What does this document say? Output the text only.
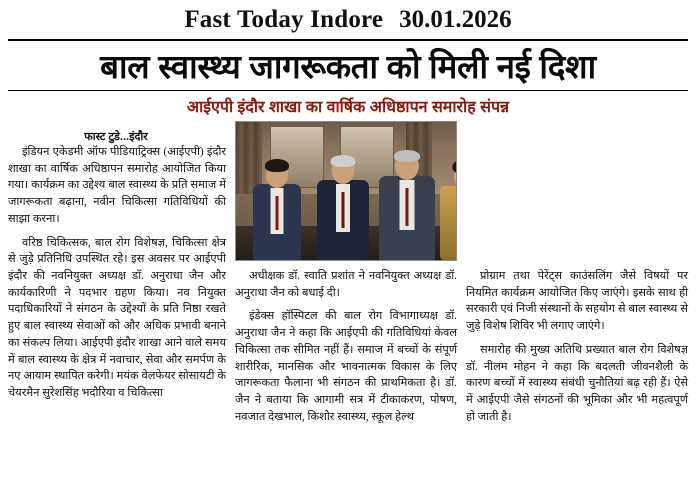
Fast Today Indore 30.01.2026
बाल स्वास्थ्य जागरूकता को मिली नई दिशा
आईएपी इंदौर शाखा का वार्षिक अधिष्ठापन समारोह संपन्न
फास्ट टुडे...इंदौर

इंडियन एकेडमी ऑफ पीडियाट्रिक्स (आईएपी) इंदौर शाखा का वार्षिक अधिष्ठापन समारोह आयोजित किया गया। कार्यक्रम का उद्देश्य बाल स्वास्थ्य के प्रति समाज में जागरूकता बढ़ाना, नवीन चिकित्सा गतिविधियों की साझा करना।

वरिष्ठ चिकित्सक, बाल रोग विशेषज्ञ, चिकित्सा क्षेत्र से जुड़े प्रतिनिधि उपस्थित रहे। इस अवसर पर आईएपी इंदौर की नवनियुक्त अध्यक्ष डॉ. अनुराधा जैन और कार्यकारिणी ने पदभार ग्रहण किया। नव नियुक्त पदाधिकारियों ने संगठन के उद्देश्यों के प्रति निष्ठा रखते हुए बाल स्वास्थ्य सेवाओं को और अधिक प्रभावी बनाने का संकल्प लिया। आईएपी इंदौर शाखा आने वाले समय में बाल स्वास्थ्य के क्षेत्र में नवाचार, सेवा और समर्पण के नए आयाम स्थापित करेगी। मयंक वेलफेयर सोसायटी के चेयरमैन सुरेशसिंह भदौरिया व चिकित्सा

अधीक्षक डॉ. स्वाति प्रशांत ने नवनियुक्त अध्यक्ष डॉ. अनुराधा जैन को बधाई दी।

इंडेक्स हॉस्पिटल की बाल रोग विभागाध्यक्ष डॉ. अनुराधा जैन ने कहा कि आईएपी की गतिविधियां केवल चिकित्सा तक सीमित नहीं हैं। समाज में बच्चों के संपूर्ण शारीरिक, मानसिक और भावनात्मक विकास के लिए जागरूकता फैलाना भी संगठन की प्राथमिकता है। डॉ. जैन ने बताया कि आगामी सत्र में टीकाकरण, पोषण, नवजात देखभाल, किशोर स्वास्थ्य, स्कूल हेल्थ

प्रोग्राम तथा पेरेंट्स काउंसलिंग जैसे विषयों पर नियमित कार्यक्रम आयोजित किए जाएंगे। इसके साथ ही सरकारी एवं निजी संस्थानों के सहयोग से बाल स्वास्थ्य से जुड़े विशेष शिविर भी लगाए जाएंगे।

समारोह की मुख्य अतिथि प्रख्यात बाल रोग विशेषज्ञ डॉ. नीलम मोहन ने कहा कि बदलती जीवनशैली के कारण बच्चों में स्वास्थ्य संबंधी चुनौतियां बढ़ रही हैं। ऐसे में आईएपी जैसे संगठनों की भूमिका और भी महत्वपूर्ण हो जाती है।
